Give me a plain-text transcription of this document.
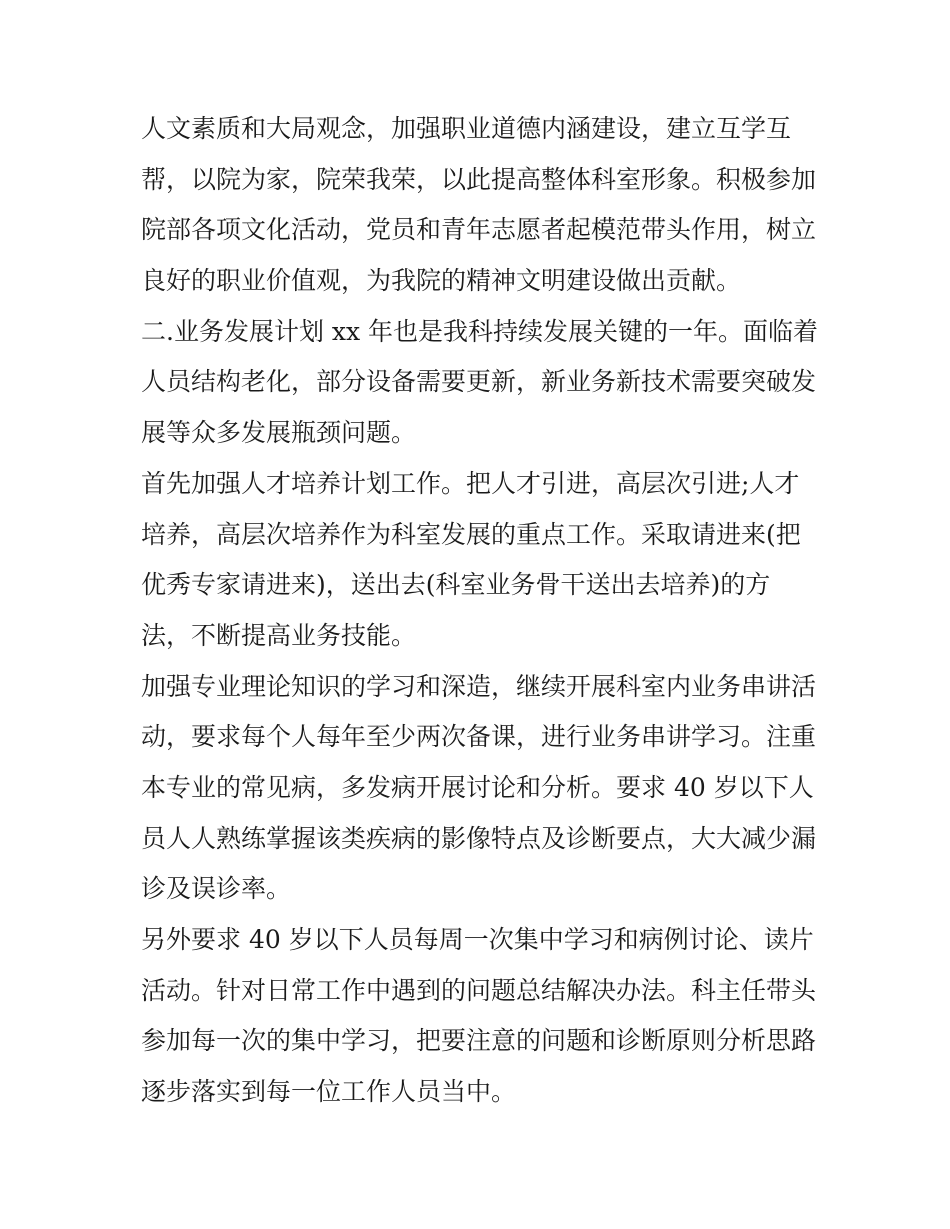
人文素质和大局观念，加强职业道德内涵建设，建立互学互
帮，以院为家，院荣我荣，以此提高整体科室形象。积极参加
院部各项文化活动，党员和青年志愿者起模范带头作用，树立
良好的职业价值观，为我院的精神文明建设做出贡献。
二.业务发展计划 xx 年也是我科持续发展关键的一年。面临着
人员结构老化，部分设备需要更新，新业务新技术需要突破发
展等众多发展瓶颈问题。
首先加强人才培养计划工作。把人才引进，高层次引进;人才
培养，高层次培养作为科室发展的重点工作。采取请进来(把
优秀专家请进来)，送出去(科室业务骨干送出去培养)的方
法，不断提高业务技能。
加强专业理论知识的学习和深造，继续开展科室内业务串讲活
动，要求每个人每年至少两次备课，进行业务串讲学习。注重
本专业的常见病，多发病开展讨论和分析。要求 40 岁以下人
员人人熟练掌握该类疾病的影像特点及诊断要点，大大减少漏
诊及误诊率。
另外要求 40 岁以下人员每周一次集中学习和病例讨论、读片
活动。针对日常工作中遇到的问题总结解决办法。科主任带头
参加每一次的集中学习，把要注意的问题和诊断原则分析思路
逐步落实到每一位工作人员当中。
